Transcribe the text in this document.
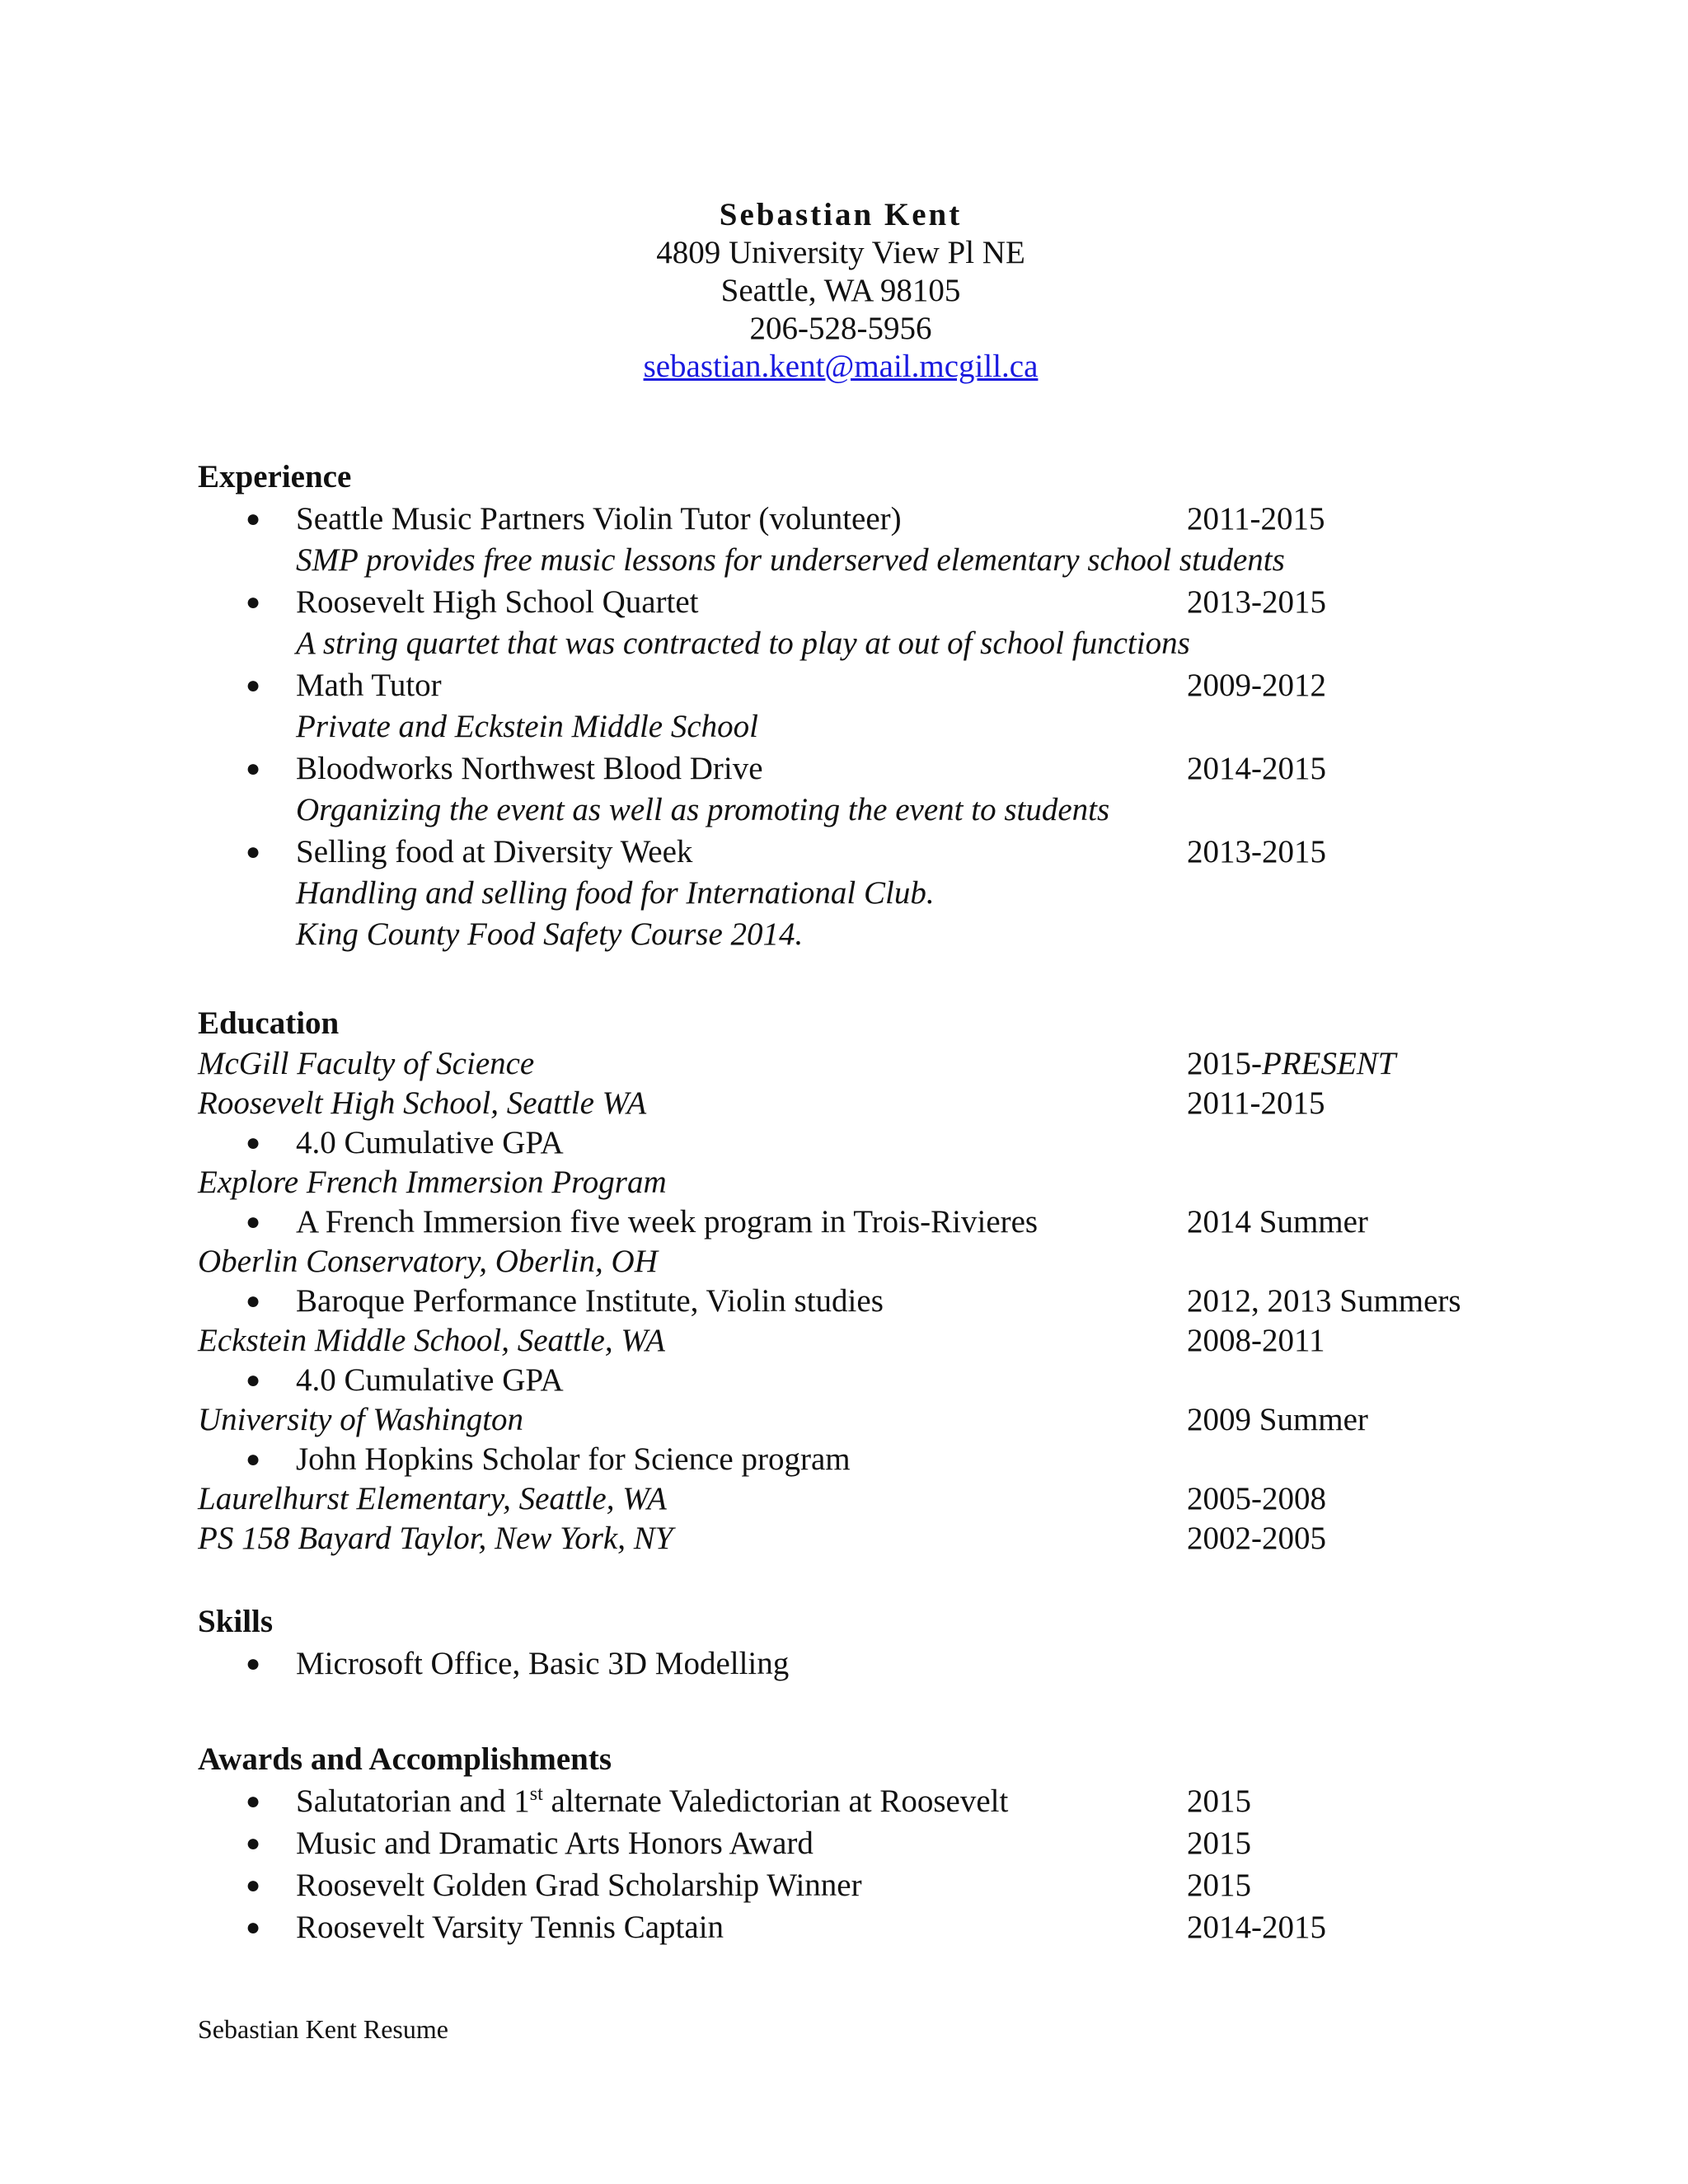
Sebastian Kent
4809 University View Pl NE
Seattle, WA 98105
206-528-5956
sebastian.kent@mail.mcgill.ca
Experience
● Seattle Music Partners Violin Tutor (volunteer)	2011-2015
SMP provides free music lessons for underserved elementary school students
● Roosevelt High School Quartet	2013-2015
A string quartet that was contracted to play at out of school functions
● Math Tutor	2009-2012
Private and Eckstein Middle School
● Bloodworks Northwest Blood Drive	2014-2015
Organizing the event as well as promoting the event to students
● Selling food at Diversity Week	2013-2015
Handling and selling food for International Club.
King County Food Safety Course 2014.
Education
McGill Faculty of Science	2015-PRESENT
Roosevelt High School, Seattle WA	2011-2015
● 4.0 Cumulative GPA
Explore French Immersion Program
● A French Immersion five week program in Trois-Rivieres	2014 Summer
Oberlin Conservatory, Oberlin, OH
● Baroque Performance Institute, Violin studies	2012, 2013 Summers
Eckstein Middle School, Seattle, WA	2008-2011
● 4.0 Cumulative GPA
University of Washington	2009 Summer
● John Hopkins Scholar for Science program
Laurelhurst Elementary, Seattle, WA	2005-2008
PS 158 Bayard Taylor, New York, NY	2002-2005
Skills
● Microsoft Office, Basic 3D Modelling
Awards and Accomplishments
● Salutatorian and 1st alternate Valedictorian at Roosevelt	2015
● Music and Dramatic Arts Honors Award	2015
● Roosevelt Golden Grad Scholarship Winner	2015
● Roosevelt Varsity Tennis Captain	2014-2015
Sebastian Kent Resume
